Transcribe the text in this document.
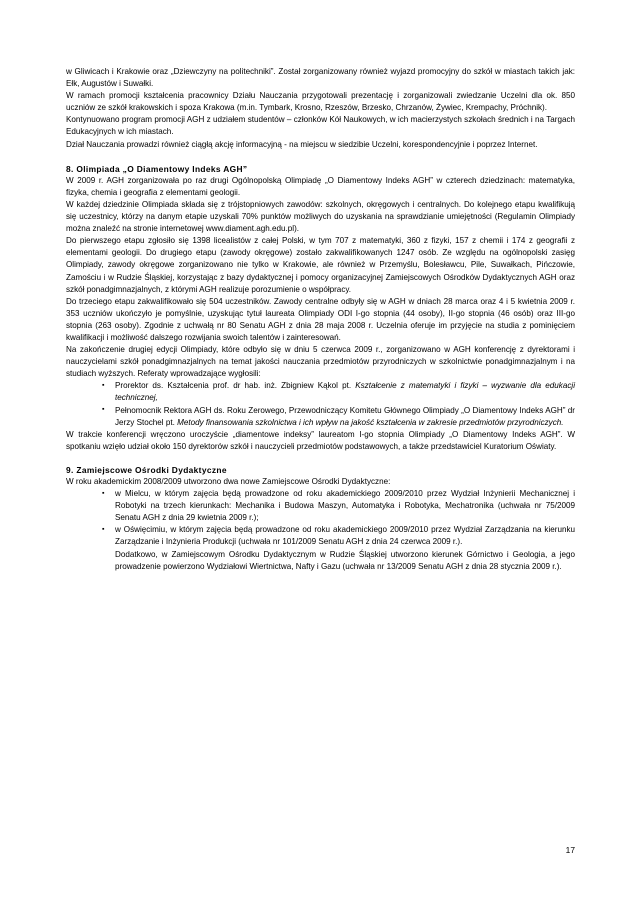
w Gliwicach i Krakowie oraz „Dziewczyny na politechniki”. Został zorganizowany również wyjazd promocyjny do szkół w miastach takich jak: Ełk, Augustów i Suwałki.

W ramach promocji kształcenia pracownicy Działu Nauczania przygotowali prezentację i zorganizowali zwiedzanie Uczelni dla ok. 850 uczniów ze szkół krakowskich i spoza Krakowa (m.in. Tymbark, Krosno, Rzeszów, Brzesko, Chrzanów, Żywiec, Krempachy, Próchnik).

Kontynuowano program promocji AGH z udziałem studentów – członków Kół Naukowych, w ich macierzystych szkołach średnich i na Targach Edukacyjnych w ich miastach.

Dział Nauczania prowadzi również ciągłą akcję informacyjną - na miejscu w siedzibie Uczelni, korespondencyjnie i poprzez Internet.

8. Olimpiada „O Diamentowy Indeks AGH”

W 2009 r. AGH zorganizowała po raz drugi Ogólnopolską Olimpiadę „O Diamentowy Indeks AGH” w czterech dziedzinach: matematyka, fizyka, chemia i geografia z elementami geologii.

W każdej dziedzinie Olimpiada składa się z trójstopniowych zawodów: szkolnych, okręgowych i centralnych. Do kolejnego etapu kwalifikują się uczestnicy, którzy na danym etapie uzyskali 70% punktów możliwych do uzyskania na sprawdzianie umiejętności (Regulamin Olimpiady można znaleźć na stronie internetowej www.diament.agh.edu.pl).

Do pierwszego etapu zgłosiło się 1398 licealistów z całej Polski, w tym 707 z matematyki, 360 z fizyki, 157 z chemii i 174 z geografii z elementami geologii. Do drugiego etapu (zawody okręgowe) zostało zakwalifikowanych 1247 osób. Ze względu na ogólnopolski zasięg Olimpiady, zawody okręgowe zorganizowano nie tylko w Krakowie, ale również w Przemyślu, Bolesławcu, Pile, Suwałkach, Pińczowie, Zamościu i w Rudzie Śląskiej, korzystając z bazy dydaktycznej i pomocy organizacyjnej Zamiejscowych Ośrodków Dydaktycznych AGH oraz szkół ponadgimnazjalnych, z którymi AGH realizuje porozumienie o współpracy.

Do trzeciego etapu zakwalifikowało się 504 uczestników. Zawody centralne odbyły się w AGH w dniach 28 marca oraz 4 i 5 kwietnia 2009 r. 353 uczniów ukończyło je pomyślnie, uzyskując tytuł laureata Olimpiady ODI I-go stopnia (44 osoby), II-go stopnia (46 osób) oraz III-go stopnia (263 osoby). Zgodnie z uchwałą nr 80 Senatu AGH z dnia 28 maja 2008 r. Uczelnia oferuje im przyjęcie na studia z pominięciem kwalifikacji i możliwość dalszego rozwijania swoich talentów i zainteresowań.

Na zakończenie drugiej edycji Olimpiady, które odbyło się w dniu 5 czerwca 2009 r., zorganizowano w AGH konferencję z dyrektorami i nauczycielami szkół ponadgimnazjalnych na temat jakości nauczania przedmiotów przyrodniczych w szkolnictwie ponadgimnazjalnym i na studiach wyższych. Referaty wprowadzające wygłosili:

▪ Prorektor ds. Kształcenia prof. dr hab. inż. Zbigniew Kąkol pt. Kształcenie z matematyki i fizyki – wyzwanie dla edukacji technicznej,
▪ Pełnomocnik Rektora AGH ds. Roku Zerowego, Przewodniczący Komitetu Głównego Olimpiady „O Diamentowy Indeks AGH” dr Jerzy Stochel pt. Metody finansowania szkolnictwa i ich wpływ na jakość kształcenia w zakresie przedmiotów przyrodniczych.

W trakcie konferencji wręczono uroczyście „diamentowe indeksy” laureatom I-go stopnia Olimpiady „O Diamentowy Indeks AGH”. W spotkaniu wzięło udział około 150 dyrektorów szkół i nauczycieli przedmiotów podstawowych, a także przedstawiciel Kuratorium Oświaty.

9. Zamiejscowe Ośrodki Dydaktyczne

W roku akademickim 2008/2009 utworzono dwa nowe Zamiejscowe Ośrodki Dydaktyczne:

▪ w Mielcu, w którym zajęcia będą prowadzone od roku akademickiego 2009/2010 przez Wydział Inżynierii Mechanicznej i Robotyki na trzech kierunkach: Mechanika i Budowa Maszyn, Automatyka i Robotyka, Mechatronika (uchwała nr 75/2009 Senatu AGH z dnia 29 kwietnia 2009 r.);
▪ w Oświęcimiu, w którym zajęcia będą prowadzone od roku akademickiego 2009/2010 przez Wydział Zarządzania na kierunku Zarządzanie i Inżynieria Produkcji (uchwała nr 101/2009 Senatu AGH z dnia 24 czerwca 2009 r.).

Dodatkowo, w Zamiejscowym Ośrodku Dydaktycznym w Rudzie Śląskiej utworzono kierunek Górnictwo i Geologia, a jego prowadzenie powierzono Wydziałowi Wiertnictwa, Nafty i Gazu (uchwała nr 13/2009 Senatu AGH z dnia 28 stycznia 2009 r.).

17
